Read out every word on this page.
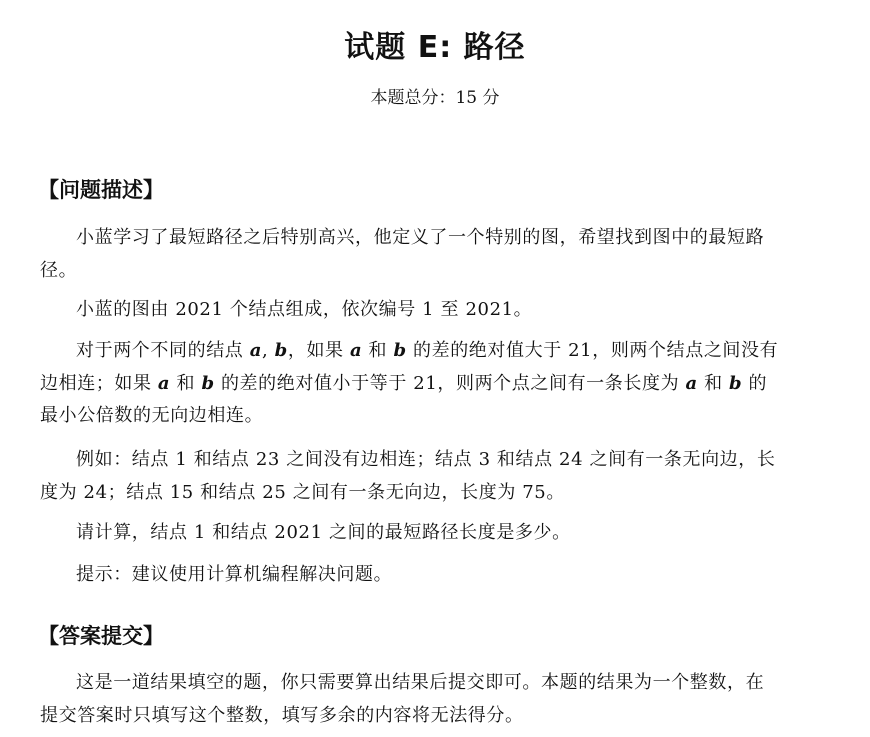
试题 E: 路径
本题总分：15 分
【问题描述】

小蓝学习了最短路径之后特别高兴，他定义了一个特别的图，希望找到图中的最短路径。

小蓝的图由 2021 个结点组成，依次编号 1 至 2021。

对于两个不同的结点 a, b，如果 a 和 b 的差的绝对值大于 21，则两个结点之间没有边相连；如果 a 和 b 的差的绝对值小于等于 21，则两个点之间有一条长度为 a 和 b 的最小公倍数的无向边相连。

例如：结点 1 和结点 23 之间没有边相连；结点 3 和结点 24 之间有一条无向边，长度为 24；结点 15 和结点 25 之间有一条无向边，长度为 75。

请计算，结点 1 和结点 2021 之间的最短路径长度是多少。

提示：建议使用计算机编程解决问题。

【答案提交】

这是一道结果填空的题，你只需要算出结果后提交即可。本题的结果为一个整数，在提交答案时只填写这个整数，填写多余的内容将无法得分。
